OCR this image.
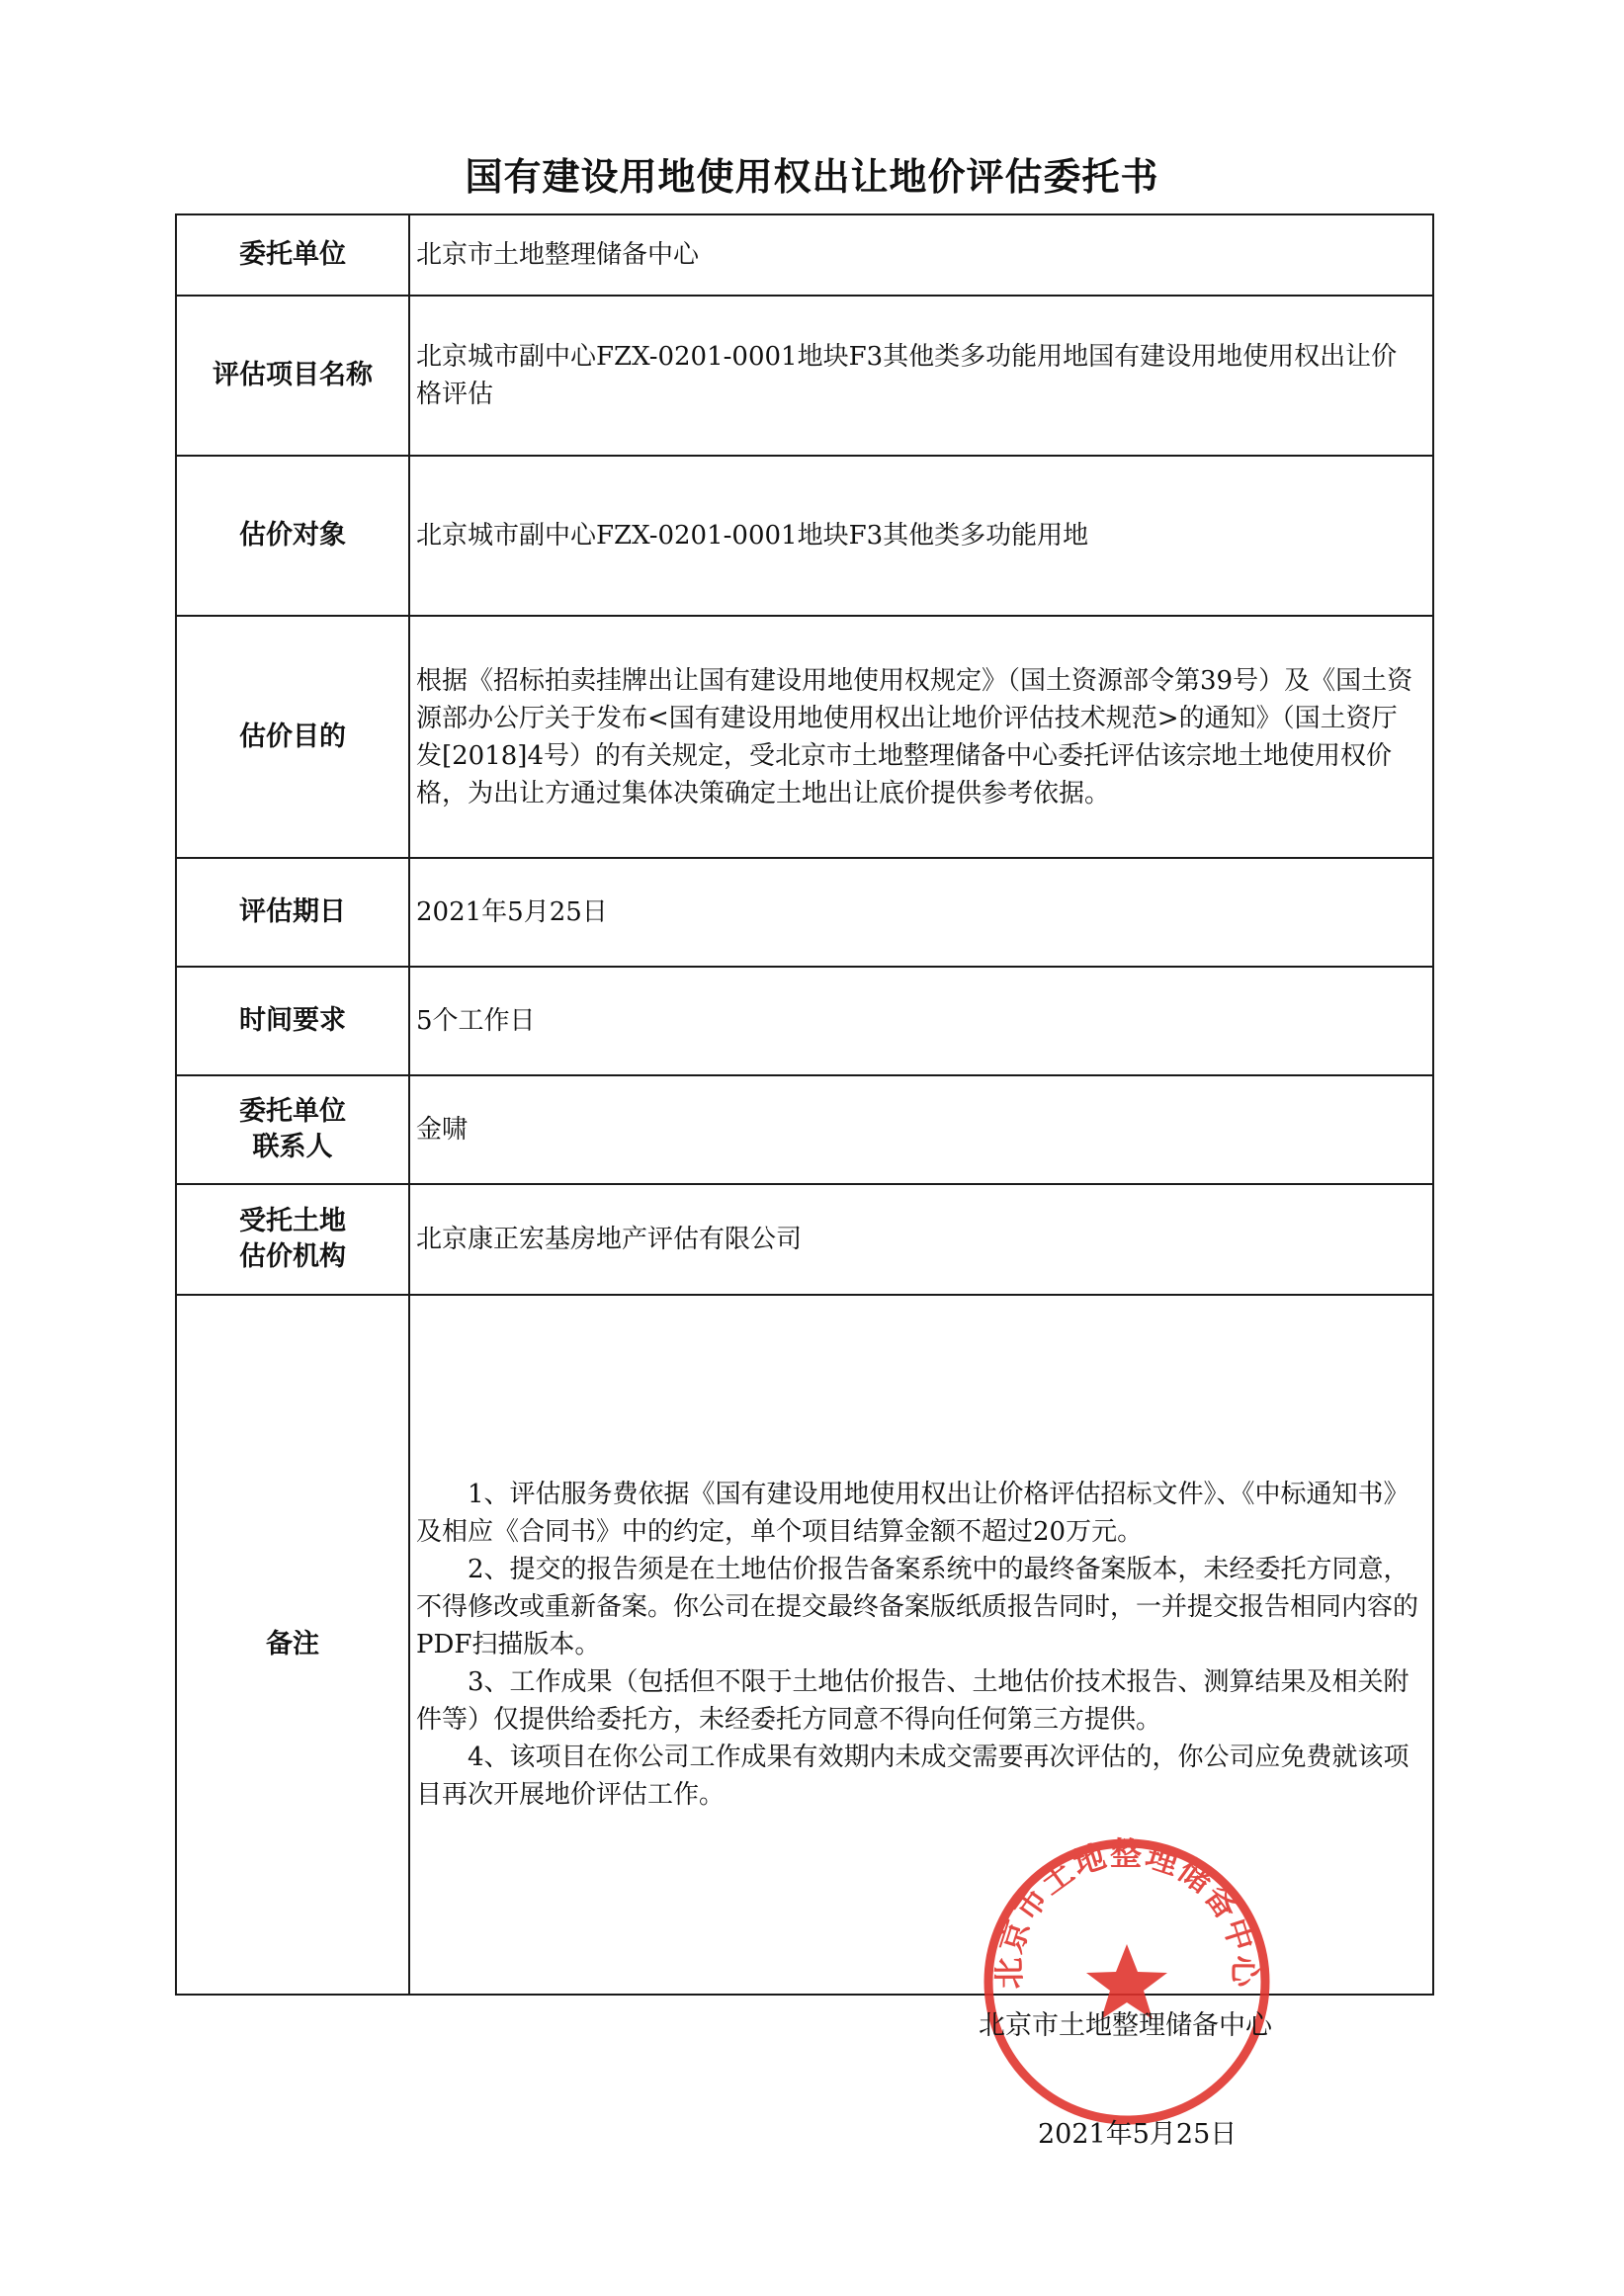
国有建设用地使用权出让地价评估委托书
委托单位	北京市土地整理储备中心
评估项目名称	北京城市副中心FZX-0201-0001地块F3其他类多功能用地国有建设用地使用权出让价格评估
估价对象	北京城市副中心FZX-0201-0001地块F3其他类多功能用地
估价目的	根据《招标拍卖挂牌出让国有建设用地使用权规定》（国土资源部令第39号）及《国土资源部办公厅关于发布<国有建设用地使用权出让地价评估技术规范>的通知》（国土资厅发[2018]4号）的有关规定，受北京市土地整理储备中心委托评估该宗地土地使用权价格，为出让方通过集体决策确定土地出让底价提供参考依据。
评估期日	2021年5月25日
时间要求	5个工作日
委托单位
联系人	金啸
受托土地
估价机构	北京康正宏基房地产评估有限公司
备注	1、评估服务费依据《国有建设用地使用权出让价格评估招标文件》、《中标通知书》及相应《合同书》中的约定，单个项目结算金额不超过20万元。

2、提交的报告须是在土地估价报告备案系统中的最终备案版本，未经委托方同意，不得修改或重新备案。你公司在提交最终备案版纸质报告同时，一并提交报告相同内容的PDF扫描版本。

3、工作成果（包括但不限于土地估价报告、土地估价技术报告、测算结果及相关附件等）仅提供给委托方，未经委托方同意不得向任何第三方提供。

4、该项目在你公司工作成果有效期内未成交需要再次评估的，你公司应免费就该项目再次开展地价评估工作。

北京市土地整理储备中心
北京市土地整理储备中心
2021年5月25日
